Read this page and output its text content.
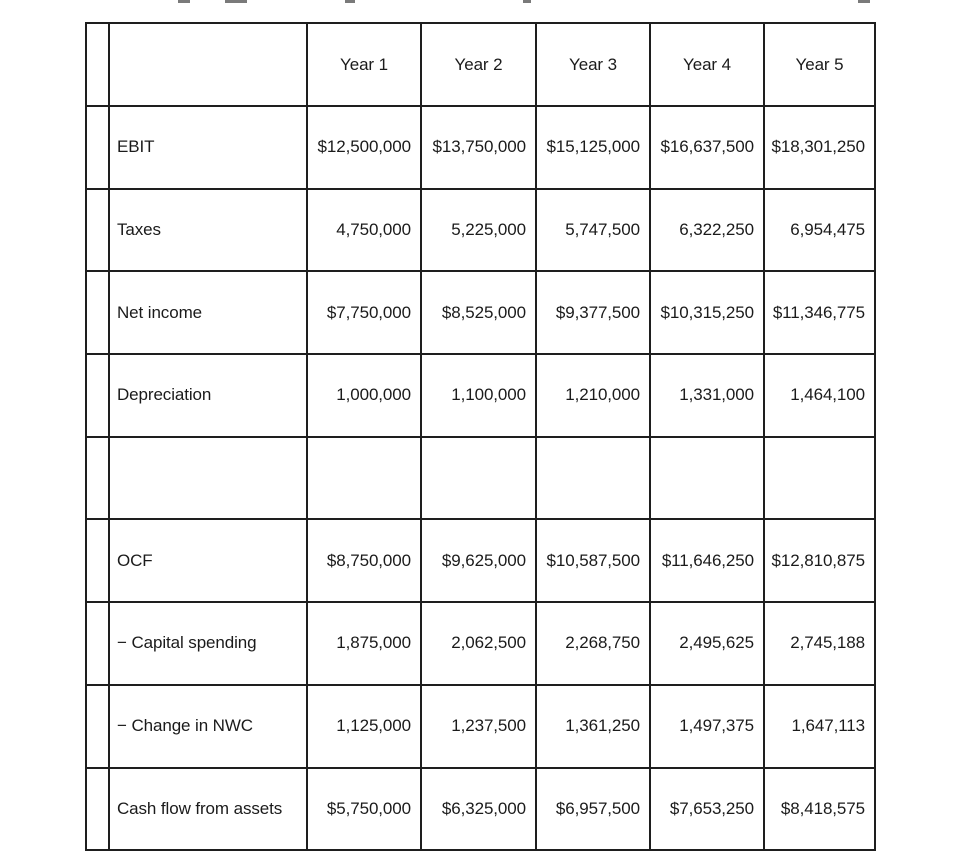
		Year 1	Year 2	Year 3	Year 4	Year 5
	EBIT	$12,500,000	$13,750,000	$15,125,000	$16,637,500	$18,301,250
	Taxes	4,750,000	5,225,000	5,747,500	6,322,250	6,954,475
	Net income	$7,750,000	$8,525,000	$9,377,500	$10,315,250	$11,346,775
	Depreciation	1,000,000	1,100,000	1,210,000	1,331,000	1,464,100

	OCF	$8,750,000	$9,625,000	$10,587,500	$11,646,250	$12,810,875
	− Capital spending	1,875,000	2,062,500	2,268,750	2,495,625	2,745,188
	− Change in NWC	1,125,000	1,237,500	1,361,250	1,497,375	1,647,113
	Cash flow from assets	$5,750,000	$6,325,000	$6,957,500	$7,653,250	$8,418,575
